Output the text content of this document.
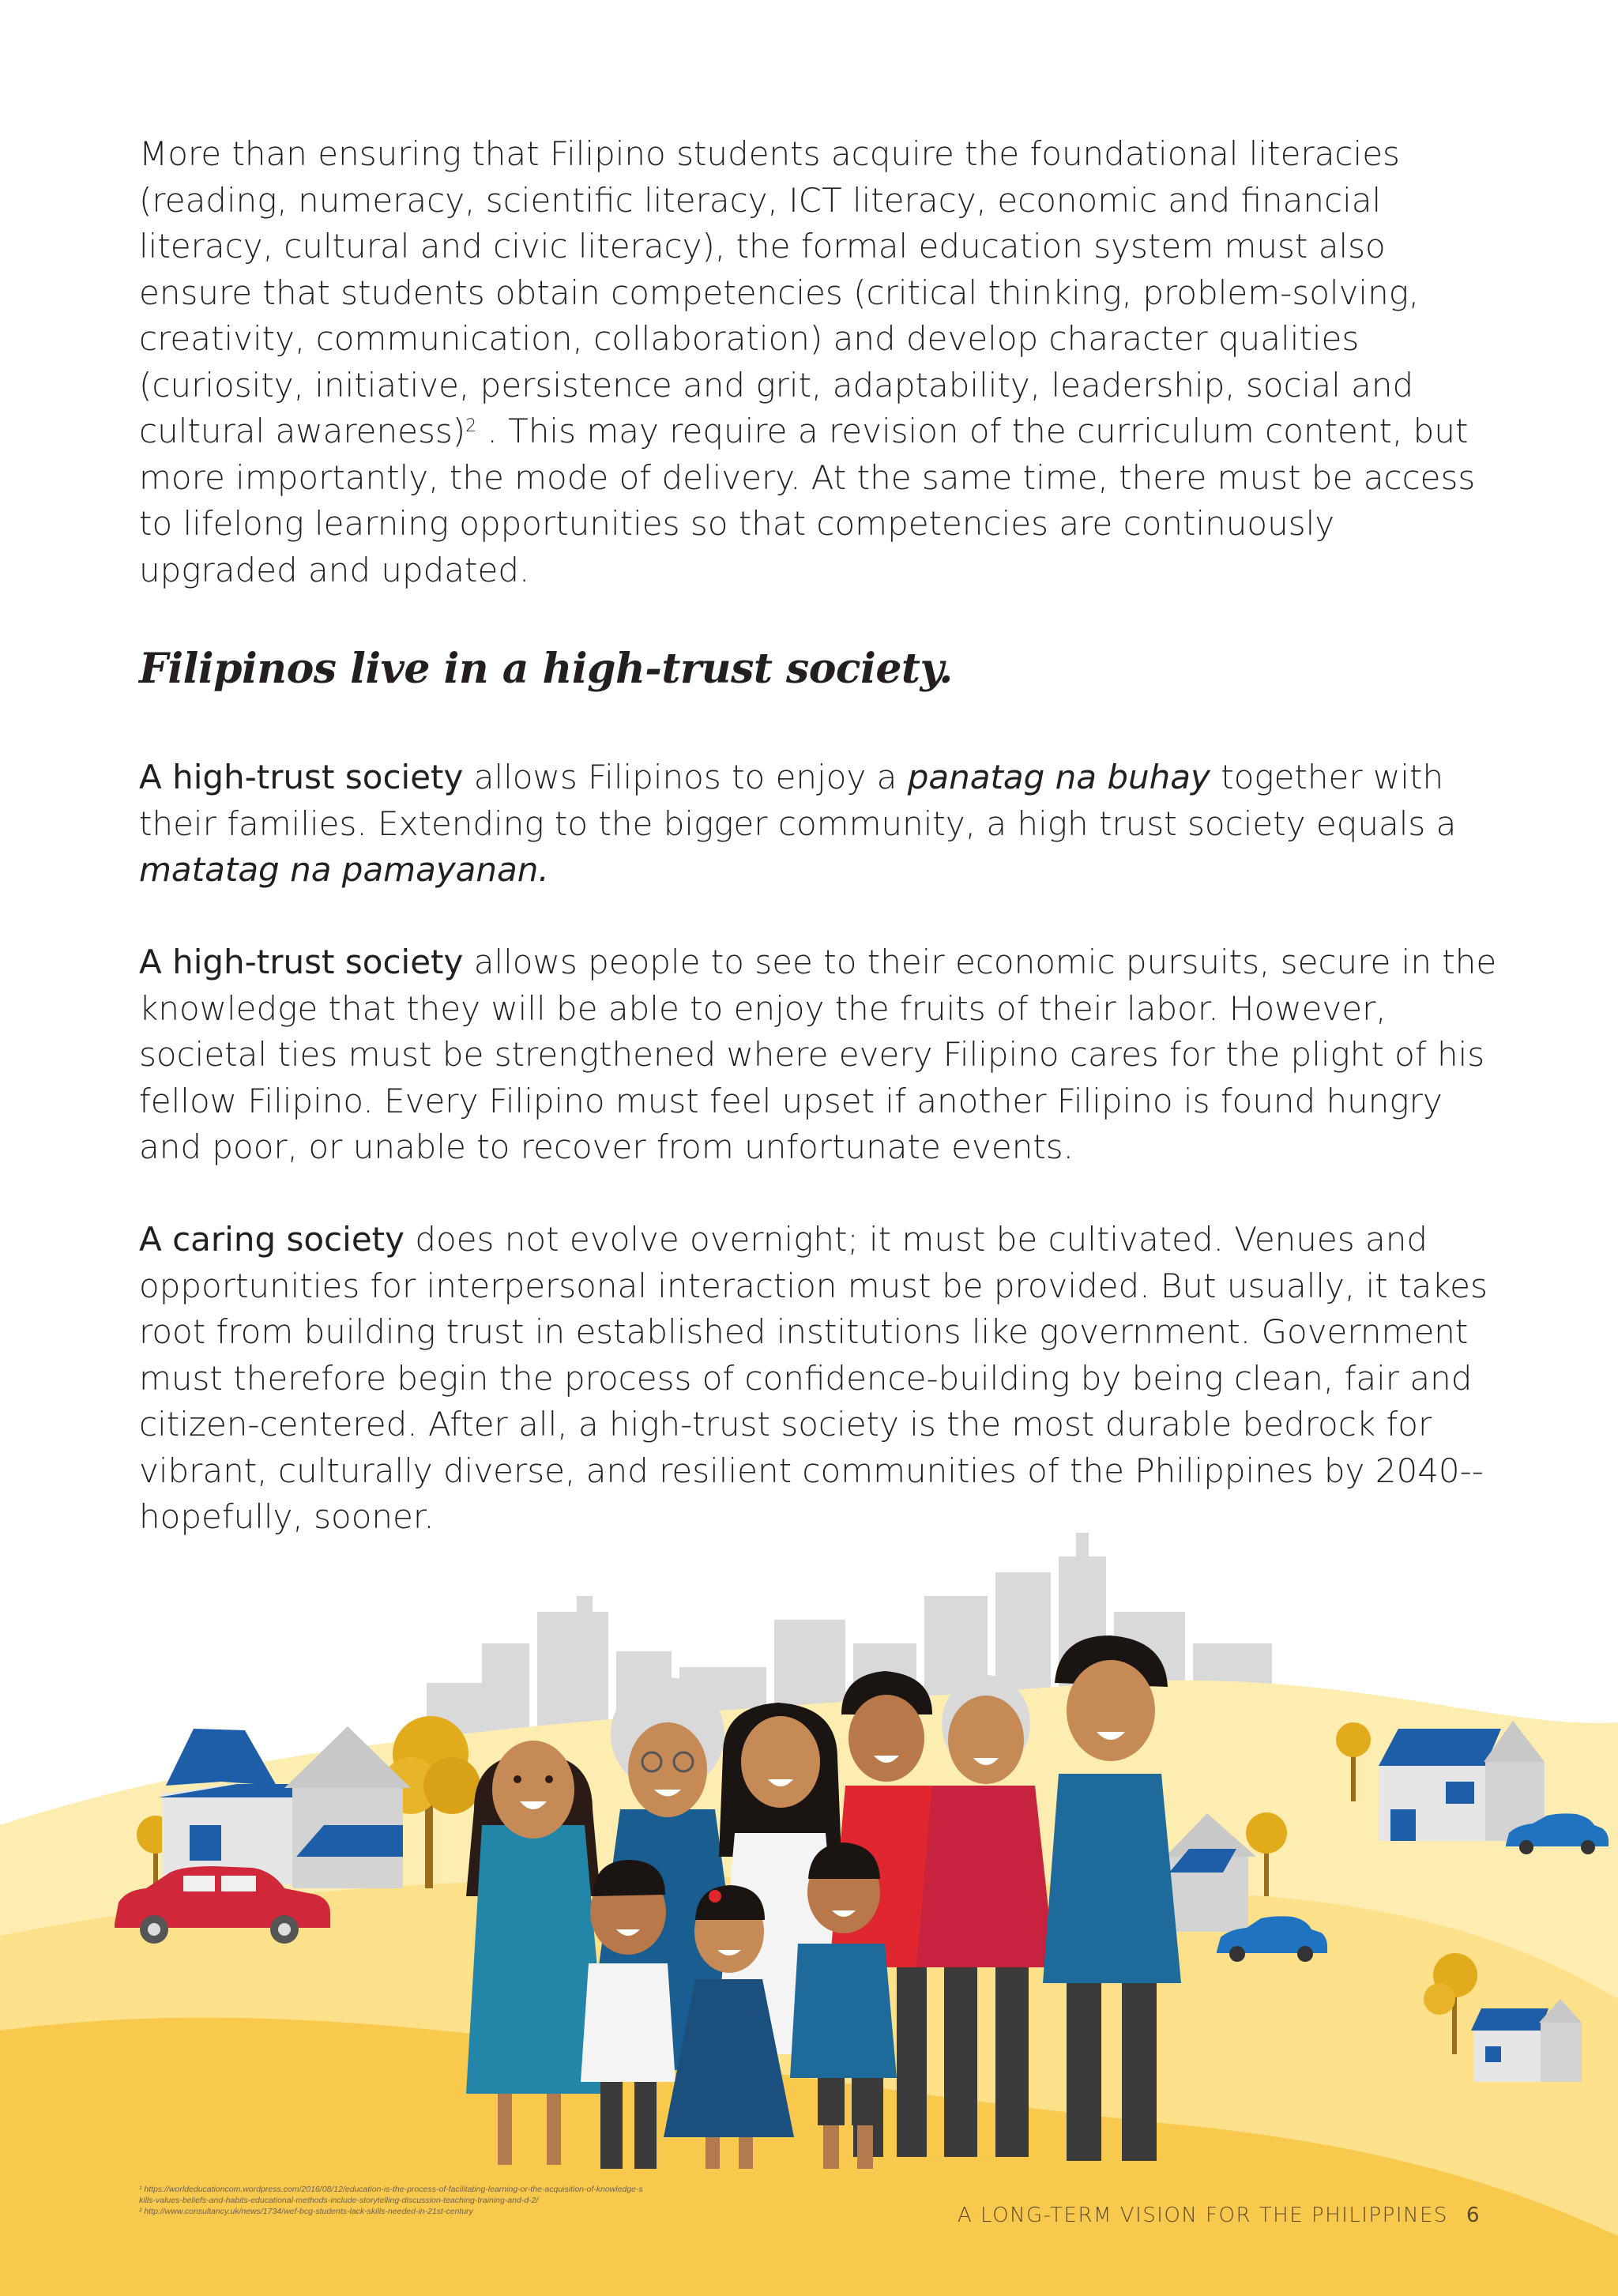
More than ensuring that Filipino students acquire the foundational literacies (reading, numeracy, scientific literacy, ICT literacy, economic and financial literacy, cultural and civic literacy), the formal education system must also ensure that students obtain competencies (critical thinking, problem-solving, creativity, communication, collaboration) and develop character qualities (curiosity, initiative, persistence and grit, adaptability, leadership, social and cultural awareness)$^2$ . This may require a revision of the curriculum content, but more importantly, the mode of delivery. At the same time, there must be access to lifelong learning opportunities so that competencies are continuously upgraded and updated.

Filipinos live in a high-trust society.

A high-trust society allows Filipinos to enjoy a panatag na buhay together with their families. Extending to the bigger community, a high trust society equals a matatag na pamayanan.

A high-trust society allows people to see to their economic pursuits, secure in the knowledge that they will be able to enjoy the fruits of their labor. However, societal ties must be strengthened where every Filipino cares for the plight of his fellow Filipino. Every Filipino must feel upset if another Filipino is found hungry and poor, or unable to recover from unfortunate events.

A caring society does not evolve overnight; it must be cultivated. Venues and opportunities for interpersonal interaction must be provided. But usually, it takes root from building trust in established institutions like government. Government must therefore begin the process of confidence-building by being clean, fair and citizen-centered. After all, a high-trust society is the most durable bedrock for vibrant, culturally diverse, and resilient communities of the Philippines by 2040--hopefully, sooner.

¹ https://worldeducationcom.wordpress.com/2016/08/12/education-is-the-process-of-facilitating-learning-or-the-acquisition-of-knowledge-s
kills-values-beliefs-and-habits-educational-methods-include-storytelling-discussion-teaching-training-and-d-2/
² http://www.consultancy.uk/news/1734/wef-bcg-students-lack-skills-needed-in-21st-century	A LONG-TERM VISION FOR THE PHILIPPINES 6
